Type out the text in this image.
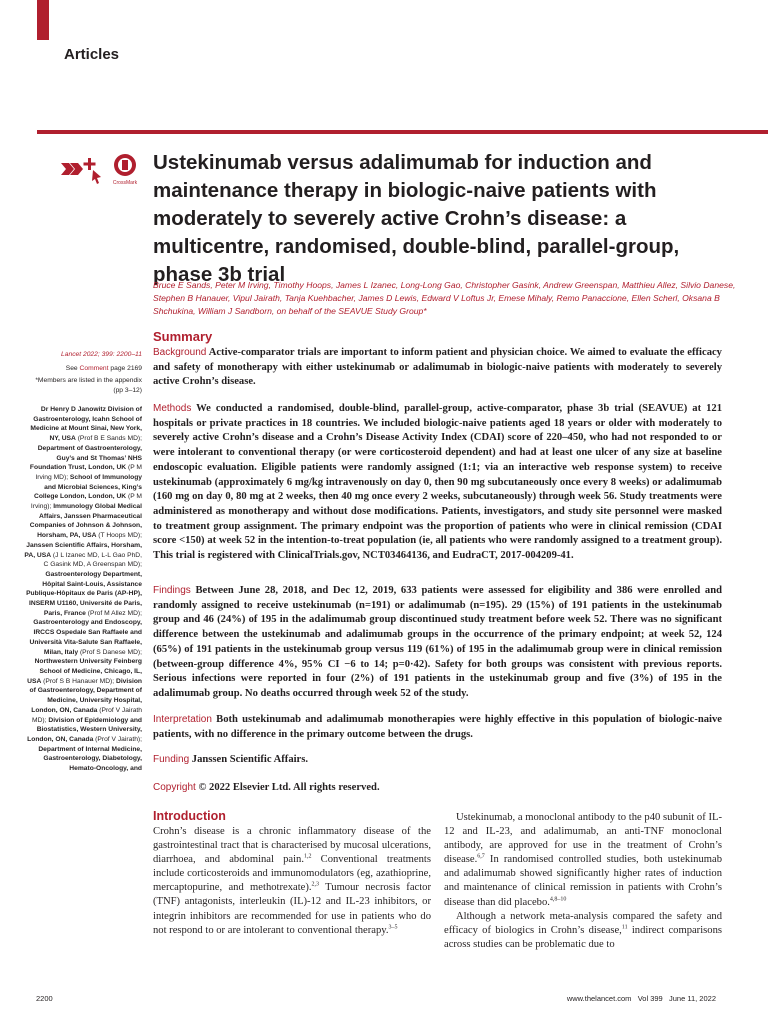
Articles
CrossMark
Ustekinumab versus adalimumab for induction and maintenance therapy in biologic-naive patients with moderately to severely active Crohn’s disease: a multicentre, randomised, double-blind, parallel-group, phase 3b trial

Bruce E Sands, Peter M Irving, Timothy Hoops, James L Izanec, Long-Long Gao, Christopher Gasink, Andrew Greenspan, Matthieu Allez, Silvio Danese, Stephen B Hanauer, Vipul Jairath, Tanja Kuehbacher, James D Lewis, Edward V Loftus Jr, Emese Mihaly, Remo Panaccione, Ellen Scherl, Oksana B Shchukina, William J Sandborn, on behalf of the SEAVUE Study Group*

Lancet 2022; 399: 2200–11
See Comment page 2169
*Members are listed in the appendix (pp 3–12)
Dr Henry D Janowitz Division of Gastroenterology, Icahn School of Medicine at Mount Sinai, New York, NY, USA (Prof B E Sands MD); Department of Gastroenterology, Guy’s and St Thomas’ NHS Foundation Trust, London, UK (P M Irving MD); School of Immunology and Microbial Sciences, King’s College London, London, UK (P M Irving); Immunology Global Medical Affairs, Janssen Pharmaceutical Companies of Johnson & Johnson, Horsham, PA, USA (T Hoops MD); Janssen Scientific Affairs, Horsham, PA, USA (J L Izanec MD, L-L Gao PhD, C Gasink MD, A Greenspan MD); Gastroenterology Department, Hôpital Saint-Louis, Assistance Publique-Hôpitaux de Paris (AP-HP), INSERM U1160, Université de Paris, Paris, France (Prof M Allez MD); Gastroenterology and Endoscopy, IRCCS Ospedale San Raffaele and Università Vita-Salute San Raffaele, Milan, Italy (Prof S Danese MD); Northwestern University Feinberg School of Medicine, Chicago, IL, USA (Prof S B Hanauer MD); Division of Gastroenterology, Department of Medicine, University Hospital, London, ON, Canada (Prof V Jairath MD); Division of Epidemiology and Biostatistics, Western University, London, ON, Canada (Prof V Jairath); Department of Internal Medicine, Gastroenterology, Diabetology, Hemato-Oncology, and
Summary

Background Active-comparator trials are important to inform patient and physician choice. We aimed to evaluate the efficacy and safety of monotherapy with either ustekinumab or adalimumab in biologic-naive patients with moderately to severely active Crohn’s disease.

Methods We conducted a randomised, double-blind, parallel-group, active-comparator, phase 3b trial (SEAVUE) at 121 hospitals or private practices in 18 countries. We included biologic-naive patients aged 18 years or older with moderately to severely active Crohn’s disease and a Crohn’s Disease Activity Index (CDAI) score of 220–450, who had not responded to or were intolerant to conventional therapy (or were corticosteroid dependent) and had at least one ulcer of any size at baseline endoscopic evaluation. Eligible patients were randomly assigned (1:1; via an interactive web response system) to receive ustekinumab (approximately 6 mg/kg intravenously on day 0, then 90 mg subcutaneously once every 8 weeks) or adalimumab (160 mg on day 0, 80 mg at 2 weeks, then 40 mg once every 2 weeks, subcutaneously) through week 56. Study treatments were administered as monotherapy and without dose modifications. Patients, investigators, and study site personnel were masked to treatment group assignment. The primary endpoint was the proportion of patients who were in clinical remission (CDAI score <150) at week 52 in the intention-to-treat population (ie, all patients who were randomly assigned to a treatment group). This trial is registered with ClinicalTrials.gov, NCT03464136, and EudraCT, 2017-004209-41.

Findings Between June 28, 2018, and Dec 12, 2019, 633 patients were assessed for eligibility and 386 were enrolled and randomly assigned to receive ustekinumab (n=191) or adalimumab (n=195). 29 (15%) of 191 patients in the ustekinumab group and 46 (24%) of 195 in the adalimumab group discontinued study treatment before week 52. There was no significant difference between the ustekinumab and adalimumab groups in the occurrence of the primary endpoint; at week 52, 124 (65%) of 191 patients in the ustekinumab group versus 119 (61%) of 195 in the adalimumab group were in clinical remission (between-group difference 4%, 95% CI −6 to 14; p=0·42). Safety for both groups was consistent with previous reports. Serious infections were reported in four (2%) of 191 patients in the ustekinumab group and five (3%) of 195 in the adalimumab group. No deaths occurred through week 52 of the study.

Interpretation Both ustekinumab and adalimumab monotherapies were highly effective in this population of biologic-naive patients, with no difference in the primary outcome between the drugs.

Funding Janssen Scientific Affairs.

Copyright © 2022 Elsevier Ltd. All rights reserved.

Introduction

Crohn’s disease is a chronic inflammatory disease of the gastrointestinal tract that is characterised by mucosal ulcerations, diarrhoea, and abdominal pain.$^{1,2}$ Conventional treatments include corticosteroids and immunomodulators (eg, azathioprine, mercaptopurine, and methotrexate).$^{2,3}$ Tumour necrosis factor (TNF) antagonists, interleukin (IL)-12 and IL-23 inhibitors, or integrin inhibitors are recommended for use in patients who do not respond to or are intolerant to conventional therapy.$^{3-5}$

Ustekinumab, a monoclonal antibody to the p40 subunit of IL-12 and IL-23, and adalimumab, an anti-TNF monoclonal antibody, are approved for use in the treatment of Crohn’s disease.$^{6,7}$ In randomised controlled studies, both ustekinumab and adalimumab showed significantly higher rates of induction and maintenance of clinical remission in patients with Crohn’s disease than did placebo.$^{4,8-10}$

Although a network meta-analysis compared the safety and efficacy of biologics in Crohn’s disease,$^{11}$ indirect comparisons across studies can be problematic due to

2200	www.thelancet.com Vol 399 June 11, 2022
